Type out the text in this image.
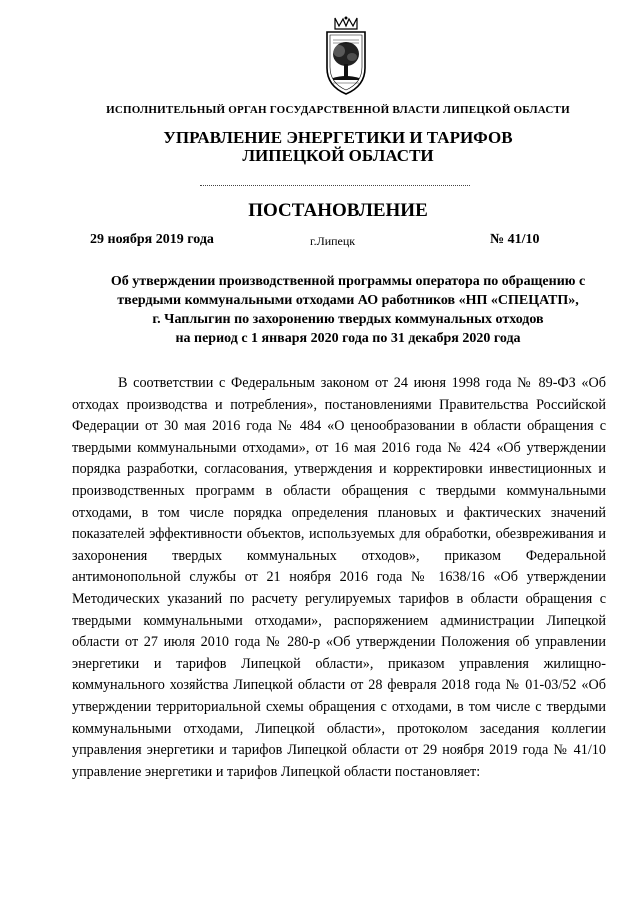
ИСПОЛНИТЕЛЬНЫЙ ОРГАН ГОСУДАРСТВЕННОЙ ВЛАСТИ ЛИПЕЦКОЙ ОБЛАСТИ
УПРАВЛЕНИЕ ЭНЕРГЕТИКИ И ТАРИФОВ
ЛИПЕЦКОЙ ОБЛАСТИ
ПОСТАНОВЛЕНИЕ
29 ноября 2019 года	г.Липецк	№ 41/10
Об утверждении производственной программы оператора по обращению с
твердыми коммунальными отходами АО работников «НП «СПЕЦАТП»,
г. Чаплыгин по захоронению твердых коммунальных отходов
на период с 1 января 2020 года по 31 декабря 2020 года
В соответствии с Федеральным законом от 24 июня 1998 года № 89-ФЗ «Об отходах производства и потребления», постановлениями Правительства Российской Федерации от 30 мая 2016 года № 484 «О ценообразовании в области обращения с твердыми коммунальными отходами», от 16 мая 2016 года № 424 «Об утверждении порядка разработки, согласования, утверждения и корректировки инвестиционных и производственных программ в области обращения с твердыми коммунальными отходами, в том числе порядка определения плановых и фактических значений показателей эффективности объектов, используемых для обработки, обезвреживания и захоронения твердых коммунальных отходов», приказом Федеральной антимонопольной службы от 21 ноября 2016 года № 1638/16 «Об утверждении Методических указаний по расчету регулируемых тарифов в области обращения с твердыми коммунальными отходами», распоряжением администрации Липецкой области от 27 июля 2010 года № 280-р «Об утверждении Положения об управлении энергетики и тарифов Липецкой области», приказом управления жилищно-коммунального хозяйства Липецкой области от 28 февраля 2018 года № 01-03/52 «Об утверждении территориальной схемы обращения с отходами, в том числе с твердыми коммунальными отходами, Липецкой области», протоколом заседания коллегии управления энергетики и тарифов Липецкой области от 29 ноября 2019 года № 41/10 управление энергетики и тарифов Липецкой области постановляет:
